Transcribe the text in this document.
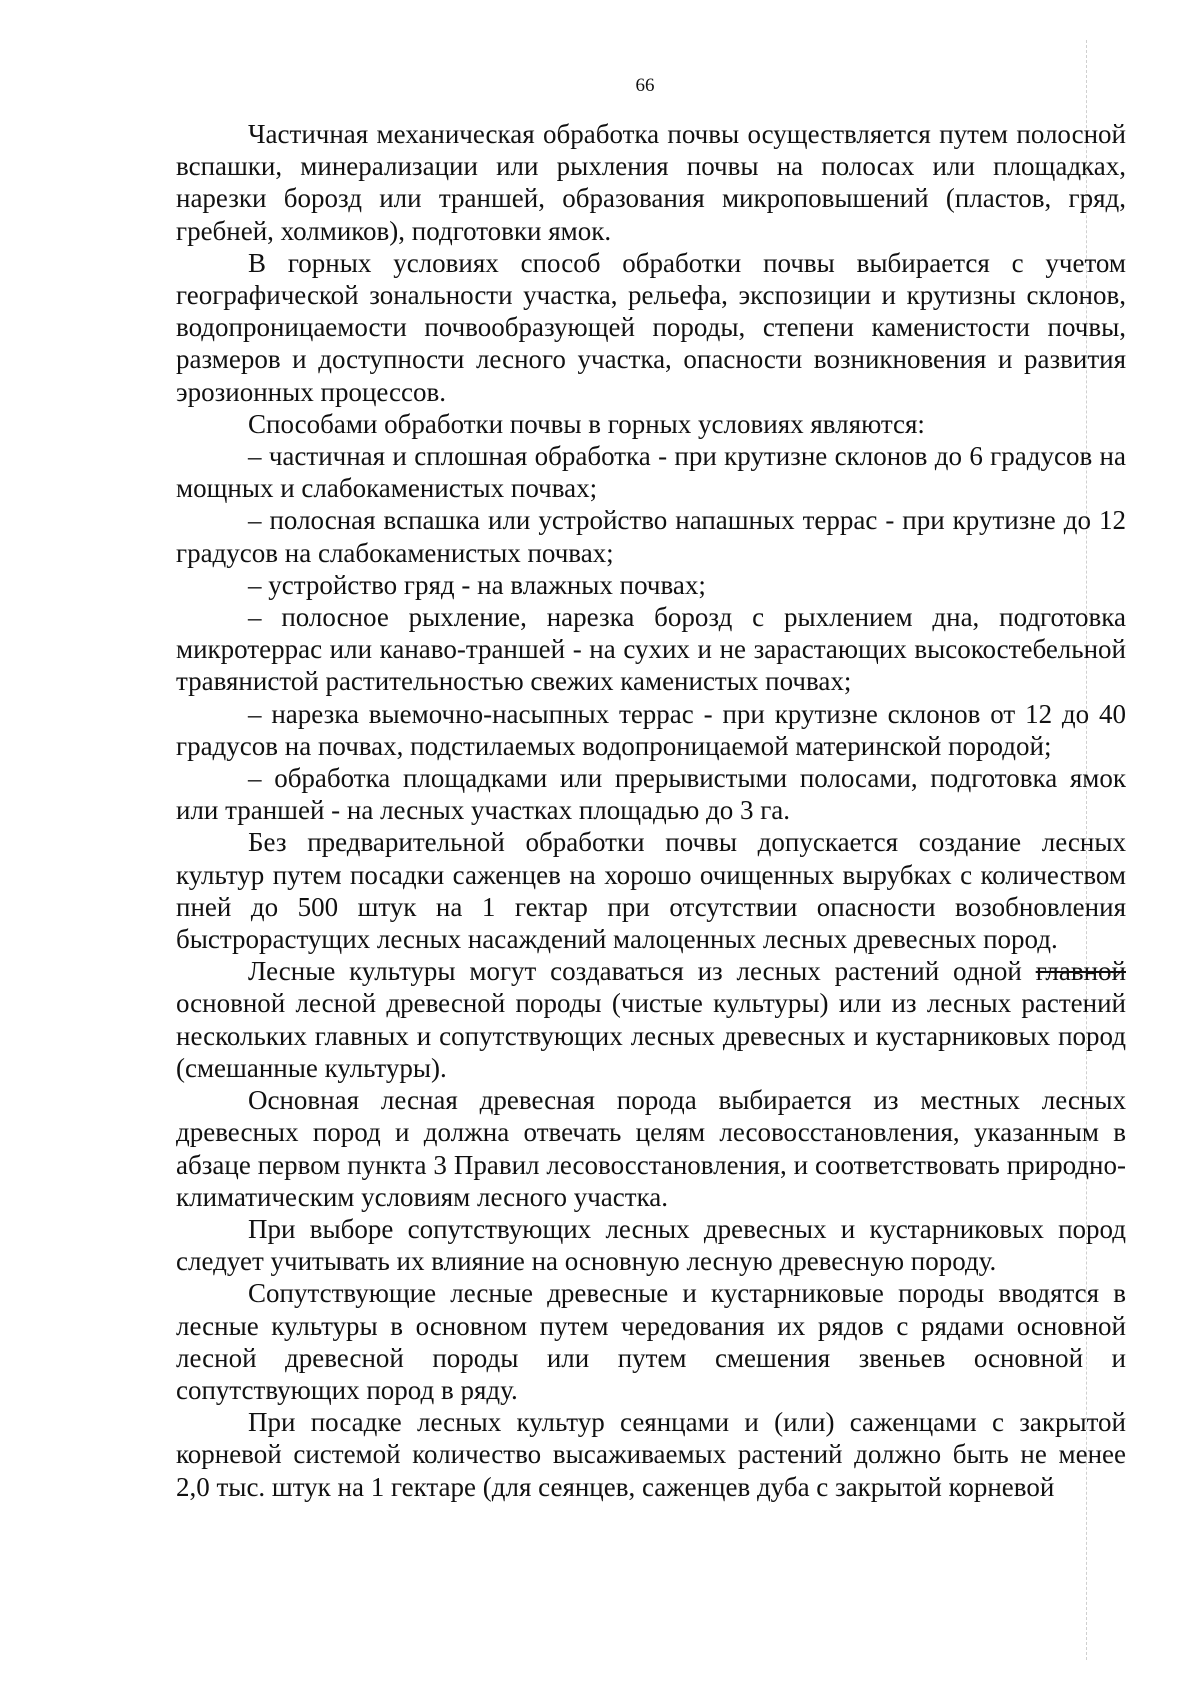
66

Частичная механическая обработка почвы осуществляется путем полосной вспашки, минерализации или рыхления почвы на полосах или площадках, нарезки борозд или траншей, образования микроповышений (пластов, гряд, гребней, холмиков), подготовки ямок.

В горных условиях способ обработки почвы выбирается с учетом географической зональности участка, рельефа, экспозиции и крутизны склонов, водопроницаемости почвообразующей породы, степени каменистости почвы, размеров и доступности лесного участка, опасности возникновения и развития эрозионных процессов.

Способами обработки почвы в горных условиях являются:

– частичная и сплошная обработка - при крутизне склонов до 6 градусов на мощных и слабокаменистых почвах;

– полосная вспашка или устройство напашных террас - при крутизне до 12 градусов на слабокаменистых почвах;

– устройство гряд - на влажных почвах;

– полосное рыхление, нарезка борозд с рыхлением дна, подготовка микротеррас или канаво-траншей - на сухих и не зарастающих высокостебельной травянистой растительностью свежих каменистых почвах;

– нарезка выемочно-насыпных террас - при крутизне склонов от 12 до 40 градусов на почвах, подстилаемых водопроницаемой материнской породой;

– обработка площадками или прерывистыми полосами, подготовка ямок или траншей - на лесных участках площадью до 3 га.

Без предварительной обработки почвы допускается создание лесных культур путем посадки саженцев на хорошо очищенных вырубках с количеством пней до 500 штук на 1 гектар при отсутствии опасности возобновления быстрорастущих лесных насаждений малоценных лесных древесных пород.

Лесные культуры могут создаваться из лесных растений одной главной основной лесной древесной породы (чистые культуры) или из лесных растений нескольких главных и сопутствующих лесных древесных и кустарниковых пород (смешанные культуры).

Основная лесная древесная порода выбирается из местных лесных древесных пород и должна отвечать целям лесовосстановления, указанным в абзаце первом пункта 3 Правил лесовосстановления, и соответствовать природно-климатическим условиям лесного участка.

При выборе сопутствующих лесных древесных и кустарниковых пород следует учитывать их влияние на основную лесную древесную породу.

Сопутствующие лесные древесные и кустарниковые породы вводятся в лесные культуры в основном путем чередования их рядов с рядами основной лесной древесной породы или путем смешения звеньев основной и сопутствующих пород в ряду.

При посадке лесных культур сеянцами и (или) саженцами с закрытой корневой системой количество высаживаемых растений должно быть не менее 2,0 тыс. штук на 1 гектаре (для сеянцев, саженцев дуба с закрытой корневой
